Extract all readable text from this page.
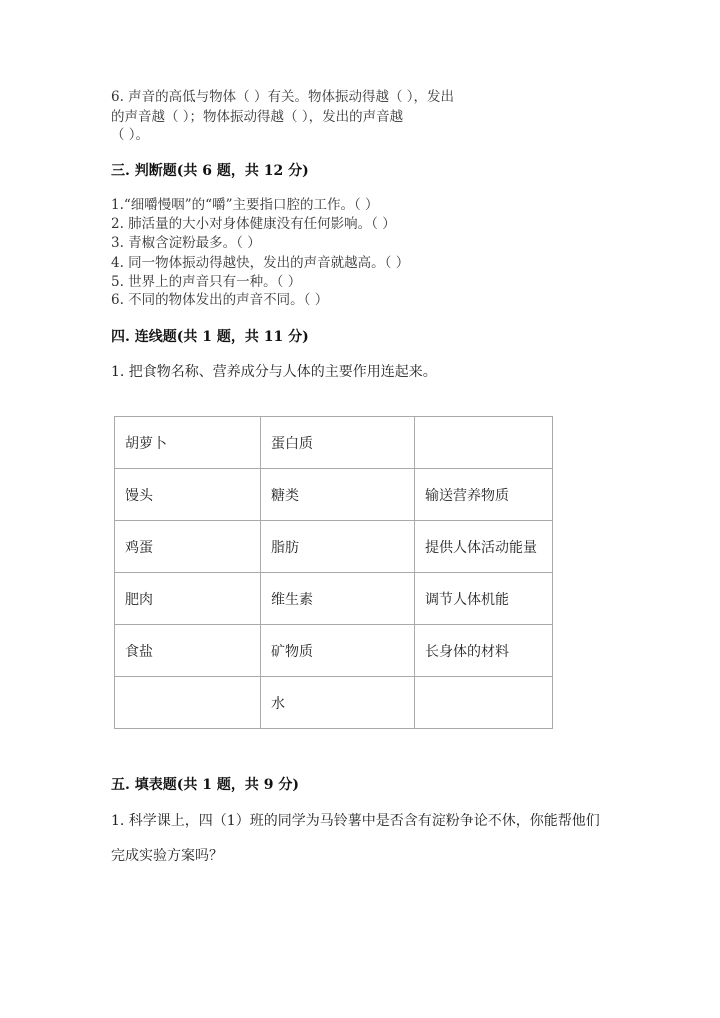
6. 声音的高低与物体（ ）有关。物体振动得越（ ），发出
的声音越（ ）；物体振动得越（ ），发出的声音越
（ ）。
三. 判断题(共 6 题，共 12 分)
1.“细嚼慢咽”的“嚼”主要指口腔的工作。（ ）
2. 肺活量的大小对身体健康没有任何影响。（ ）
3. 青椒含淀粉最多。（ ）
4. 同一物体振动得越快，发出的声音就越高。（ ）
5. 世界上的声音只有一种。（ ）
6. 不同的物体发出的声音不同。（ ）
四. 连线题(共 1 题，共 11 分)
1. 把食物名称、营养成分与人体的主要作用连起来。
胡萝卜	蛋白质	
馒头	糖类	输送营养物质
鸡蛋	脂肪	提供人体活动能量
肥肉	维生素	调节人体机能
食盐	矿物质	长身体的材料
	水	
五. 填表题(共 1 题，共 9 分)
1. 科学课上，四（1）班的同学为马铃薯中是否含有淀粉争论不休，你能帮他们
完成实验方案吗？
